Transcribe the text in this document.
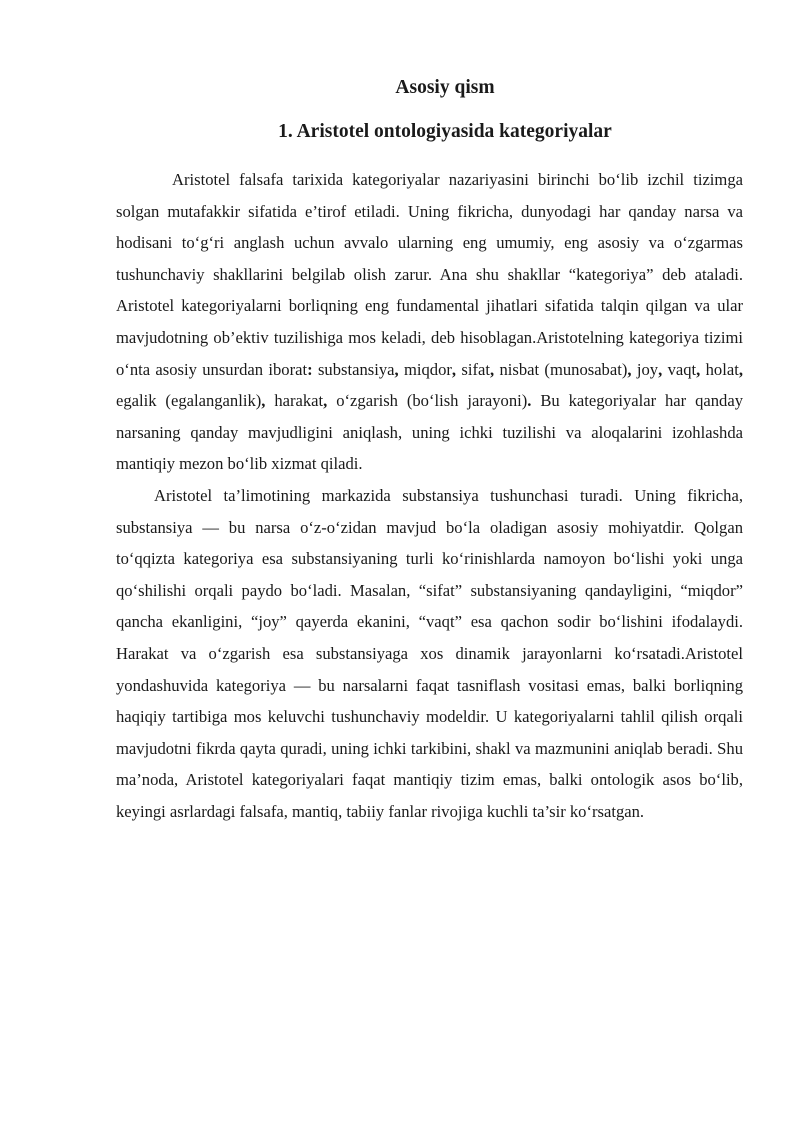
Asosiy qism
1. Aristotel ontologiyasida kategoriyalar

Aristotel falsafa tarixida kategoriyalar nazariyasini birinchi bo‘lib izchil tizimga solgan mutafakkir sifatida e’tirof etiladi. Uning fikricha, dunyodagi har qanday narsa va hodisani to‘g‘ri anglash uchun avvalo ularning eng umumiy, eng asosiy va o‘zgarmas tushunchaviy shakllarini belgilab olish zarur. Ana shu shakllar “kategoriya” deb ataladi. Aristotel kategoriyalarni borliqning eng fundamental jihatlari sifatida talqin qilgan va ular mavjudotning ob’ektiv tuzilishiga mos keladi, deb hisoblagan.Aristotelning kategoriya tizimi o‘nta asosiy unsurdan iborat: substansiya, miqdor, sifat, nisbat (munosabat), joy, vaqt, holat, egalik (egalanganlik), harakat, o‘zgarish (bo‘lish jarayoni). Bu kategoriyalar har qanday narsaning qanday mavjudligini aniqlash, uning ichki tuzilishi va aloqalarini izohlashda mantiqiy mezon bo‘lib xizmat qiladi.

Aristotel ta’limotining markazida substansiya tushunchasi turadi. Uning fikricha, substansiya — bu narsa o‘z-o‘zidan mavjud bo‘la oladigan asosiy mohiyatdir. Qolgan to‘qqizta kategoriya esa substansiyaning turli ko‘rinishlarda namoyon bo‘lishi yoki unga qo‘shilishi orqali paydo bo‘ladi. Masalan, “sifat” substansiyaning qandayligini, “miqdor” qancha ekanligini, “joy” qayerda ekanini, “vaqt” esa qachon sodir bo‘lishini ifodalaydi. Harakat va o‘zgarish esa substansiyaga xos dinamik jarayonlarni ko‘rsatadi.Aristotel yondashuvida kategoriya — bu narsalarni faqat tasniflash vositasi emas, balki borliqning haqiqiy tartibiga mos keluvchi tushunchaviy modeldir. U kategoriyalarni tahlil qilish orqali mavjudotni fikrda qayta quradi, uning ichki tarkibini, shakl va mazmunini aniqlab beradi. Shu ma’noda, Aristotel kategoriyalari faqat mantiqiy tizim emas, balki ontologik asos bo‘lib, keyingi asrlardagi falsafa, mantiq, tabiiy fanlar rivojiga kuchli ta’sir ko‘rsatgan.
